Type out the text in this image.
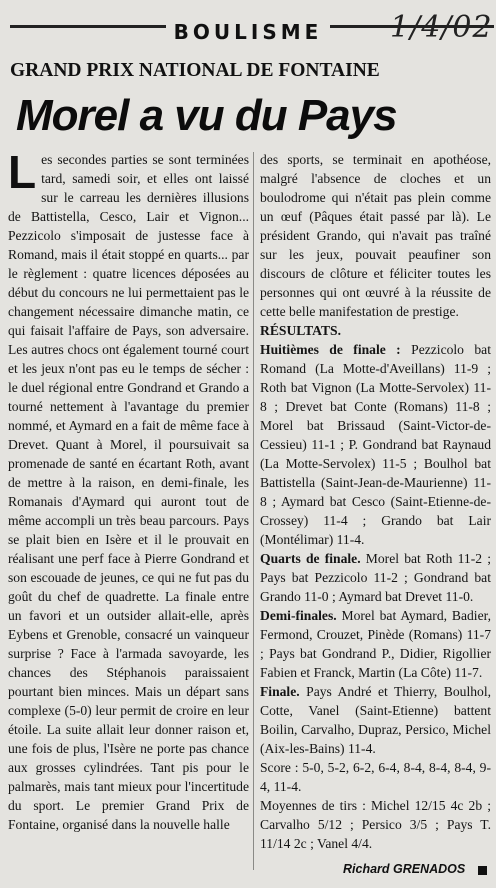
BOULISME	1/4/02
GRAND PRIX NATIONAL DE FONTAINE
Morel a vu du Pays

Les secondes parties se sont terminées tard, samedi soir, et elles ont laissé sur le carreau les dernières illusions de Battistella, Cesco, Lair et Vignon... Pezzicolo s'imposait de justesse face à Romand, mais il était stoppé en quarts... par le règlement : quatre licences déposées au début du concours ne lui permettaient pas le changement nécessaire dimanche matin, ce qui faisait l'affaire de Pays, son adversaire. Les autres chocs ont également tourné court et les jeux n'ont pas eu le temps de sécher : le duel régional entre Gondrand et Grando a tourné nettement à l'avantage du premier nommé, et Aymard en a fait de même face à Drevet. Quant à Morel, il poursuivait sa promenade de santé en écartant Roth, avant de mettre à la raison, en demi-finale, les Romanais d'Aymard qui auront tout de même accompli un très beau parcours. Pays se plait bien en Isère et il le prouvait en réalisant une perf face à Pierre Gondrand et son escouade de jeunes, ce qui ne fut pas du goût du chef de quadrette. La finale entre un favori et un outsider allait-elle, après Eybens et Grenoble, consacré un vainqueur surprise ? Face à l'armada savoyarde, les chances des Stéphanois paraissaient pourtant bien minces. Mais un départ sans complexe (5-0) leur permit de croire en leur étoile. La suite allait leur donner raison et, une fois de plus, l'Isère ne porte pas chance aux grosses cylindrées. Tant pis pour le palmarès, mais tant mieux pour l'incertitude du sport. Le premier Grand Prix de Fontaine, organisé dans la nouvelle halle

des sports, se terminait en apothéose, malgré l'absence de cloches et un boulodrome qui n'était pas plein comme un œuf (Pâques était passé par là). Le président Grando, qui n'avait pas traîné sur les jeux, pouvait peaufiner son discours de clôture et féliciter toutes les personnes qui ont œuvré à la réussite de cette belle manifestation de prestige.

RÉSULTATS.

Huitièmes de finale : Pezzicolo bat Romand (La Motte-d'Aveillans) 11-9 ; Roth bat Vignon (La Motte-Servolex) 11-8 ; Drevet bat Conte (Romans) 11-8 ; Morel bat Brissaud (Saint-Victor-de-Cessieu) 11-1 ; P. Gondrand bat Raynaud (La Motte-Servolex) 11-5 ; Boulhol bat Battistella (Saint-Jean-de-Maurienne) 11-8 ; Aymard bat Cesco (Saint-Etienne-de-Crossey) 11-4 ; Grando bat Lair (Montélimar) 11-4.

Quarts de finale. Morel bat Roth 11-2 ; Pays bat Pezzicolo 11-2 ; Gondrand bat Grando 11-0 ; Aymard bat Drevet 11-0.

Demi-finales. Morel bat Aymard, Badier, Fermond, Crouzet, Pinède (Romans) 11-7 ; Pays bat Gondrand P., Didier, Rigollier Fabien et Franck, Martin (La Côte) 11-7.

Finale. Pays André et Thierry, Boulhol, Cotte, Vanel (Saint-Etienne) battent Boilin, Carvalho, Dupraz, Persico, Michel (Aix-les-Bains) 11-4.

Score : 5-0, 5-2, 6-2, 6-4, 8-4, 8-4, 8-4, 9-4, 11-4.

Moyennes de tirs : Michel 12/15 4c 2b ; Carvalho 5/12 ; Persico 3/5 ; Pays T. 11/14 2c ; Vanel 4/4.

Richard GRENADOS
